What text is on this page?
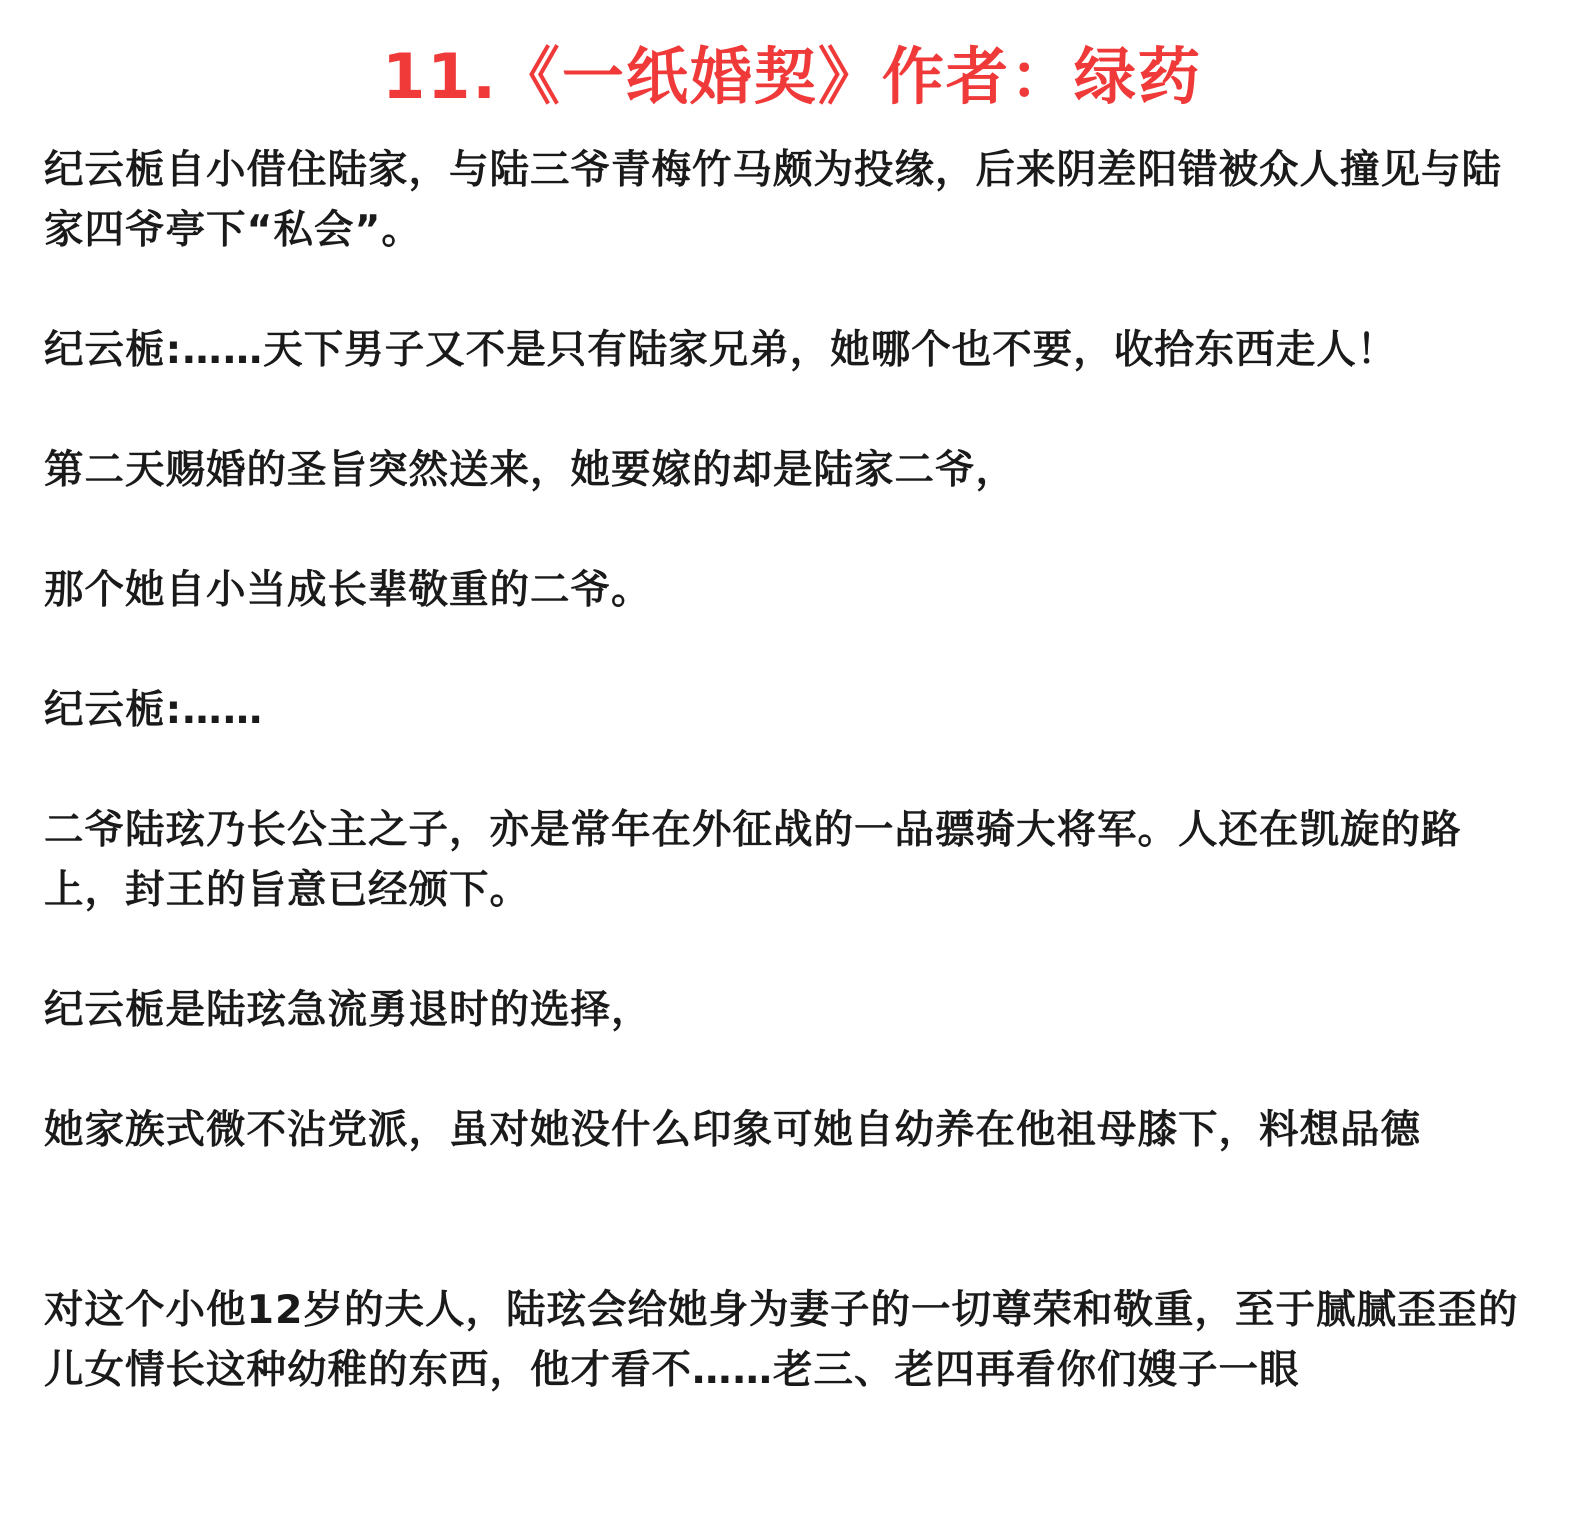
11.《一纸婚契》作者：绿药

纪云栀自小借住陆家，与陆三爷青梅竹马颇为投缘，后来阴差阳错被众人撞见与陆家四爷亭下“私会”。

纪云栀:……天下男子又不是只有陆家兄弟，她哪个也不要，收拾东西走人！

第二天赐婚的圣旨突然送来，她要嫁的却是陆家二爷，

那个她自小当成长辈敬重的二爷。

纪云栀:……

二爷陆玹乃长公主之子，亦是常年在外征战的一品骠骑大将军。人还在凯旋的路上，封王的旨意已经颁下。

纪云栀是陆玹急流勇退时的选择，

她家族式微不沾党派，虽对她没什么印象可她自幼养在他祖母膝下，料想品德

对这个小他12岁的夫人，陆玹会给她身为妻子的一切尊荣和敬重，至于腻腻歪歪的儿女情长这种幼稚的东西，他才看不……老三、老四再看你们嫂子一眼
